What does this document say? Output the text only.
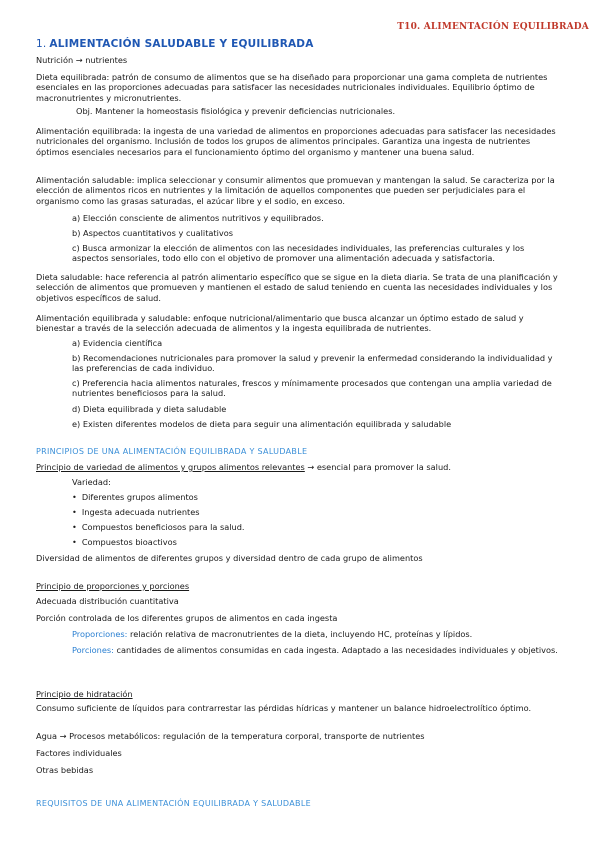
T10. ALIMENTACIÓN EQUILIBRADA
1. ALIMENTACIÓN SALUDABLE Y EQUILIBRADA
Nutrición → nutrientes
Dieta equilibrada: patrón de consumo de alimentos que se ha diseñado para proporcionar una gama completa de nutrientes esenciales en las proporciones adecuadas para satisfacer las necesidades nutricionales individuales. Equilibrio óptimo de macronutrientes y micronutrientes.
Obj. Mantener la homeostasis fisiológica y prevenir deficiencias nutricionales.
Alimentación equilibrada: la ingesta de una variedad de alimentos en proporciones adecuadas para satisfacer las necesidades nutricionales del organismo. Inclusión de todos los grupos de alimentos principales. Garantiza una ingesta de nutrientes óptimos esenciales necesarios para el funcionamiento óptimo del organismo y mantener una buena salud.
Alimentación saludable: implica seleccionar y consumir alimentos que promuevan y mantengan la salud. Se caracteriza por la elección de alimentos ricos en nutrientes y la limitación de aquellos componentes que pueden ser perjudiciales para el organismo como las grasas saturadas, el azúcar libre y el sodio, en exceso.
a) Elección consciente de alimentos nutritivos y equilibrados.
b) Aspectos cuantitativos y cualitativos
c) Busca armonizar la elección de alimentos con las necesidades individuales, las preferencias culturales y los aspectos sensoriales, todo ello con el objetivo de promover una alimentación adecuada y satisfactoria.
Dieta saludable: hace referencia al patrón alimentario específico que se sigue en la dieta diaria. Se trata de una planificación y selección de alimentos que promueven y mantienen el estado de salud teniendo en cuenta las necesidades individuales y los objetivos específicos de salud.
Alimentación equilibrada y saludable: enfoque nutricional/alimentario que busca alcanzar un óptimo estado de salud y bienestar a través de la selección adecuada de alimentos y la ingesta equilibrada de nutrientes.
a) Evidencia científica
b) Recomendaciones nutricionales para promover la salud y prevenir la enfermedad considerando la individualidad y las preferencias de cada individuo.
c) Preferencia hacia alimentos naturales, frescos y mínimamente procesados que contengan una amplia variedad de nutrientes beneficiosos para la salud.
d) Dieta equilibrada y dieta saludable
e) Existen diferentes modelos de dieta para seguir una alimentación equilibrada y saludable
PRINCIPIOS DE UNA ALIMENTACIÓN EQUILIBRADA Y SALUDABLE
Principio de variedad de alimentos y grupos alimentos relevantes → esencial para promover la salud.
Variedad:
• Diferentes grupos alimentos
• Ingesta adecuada nutrientes
• Compuestos beneficiosos para la salud.
• Compuestos bioactivos
Diversidad de alimentos de diferentes grupos y diversidad dentro de cada grupo de alimentos
Principio de proporciones y porciones
Adecuada distribución cuantitativa
Porción controlada de los diferentes grupos de alimentos en cada ingesta
Proporciones: relación relativa de macronutrientes de la dieta, incluyendo HC, proteínas y lípidos.
Porciones: cantidades de alimentos consumidas en cada ingesta. Adaptado a las necesidades individuales y objetivos.
Principio de hidratación
Consumo suficiente de líquidos para contrarrestar las pérdidas hídricas y mantener un balance hidroelectrolítico óptimo.
Agua → Procesos metabólicos: regulación de la temperatura corporal, transporte de nutrientes
Factores individuales
Otras bebidas
REQUISITOS DE UNA ALIMENTACIÓN EQUILIBRADA Y SALUDABLE
